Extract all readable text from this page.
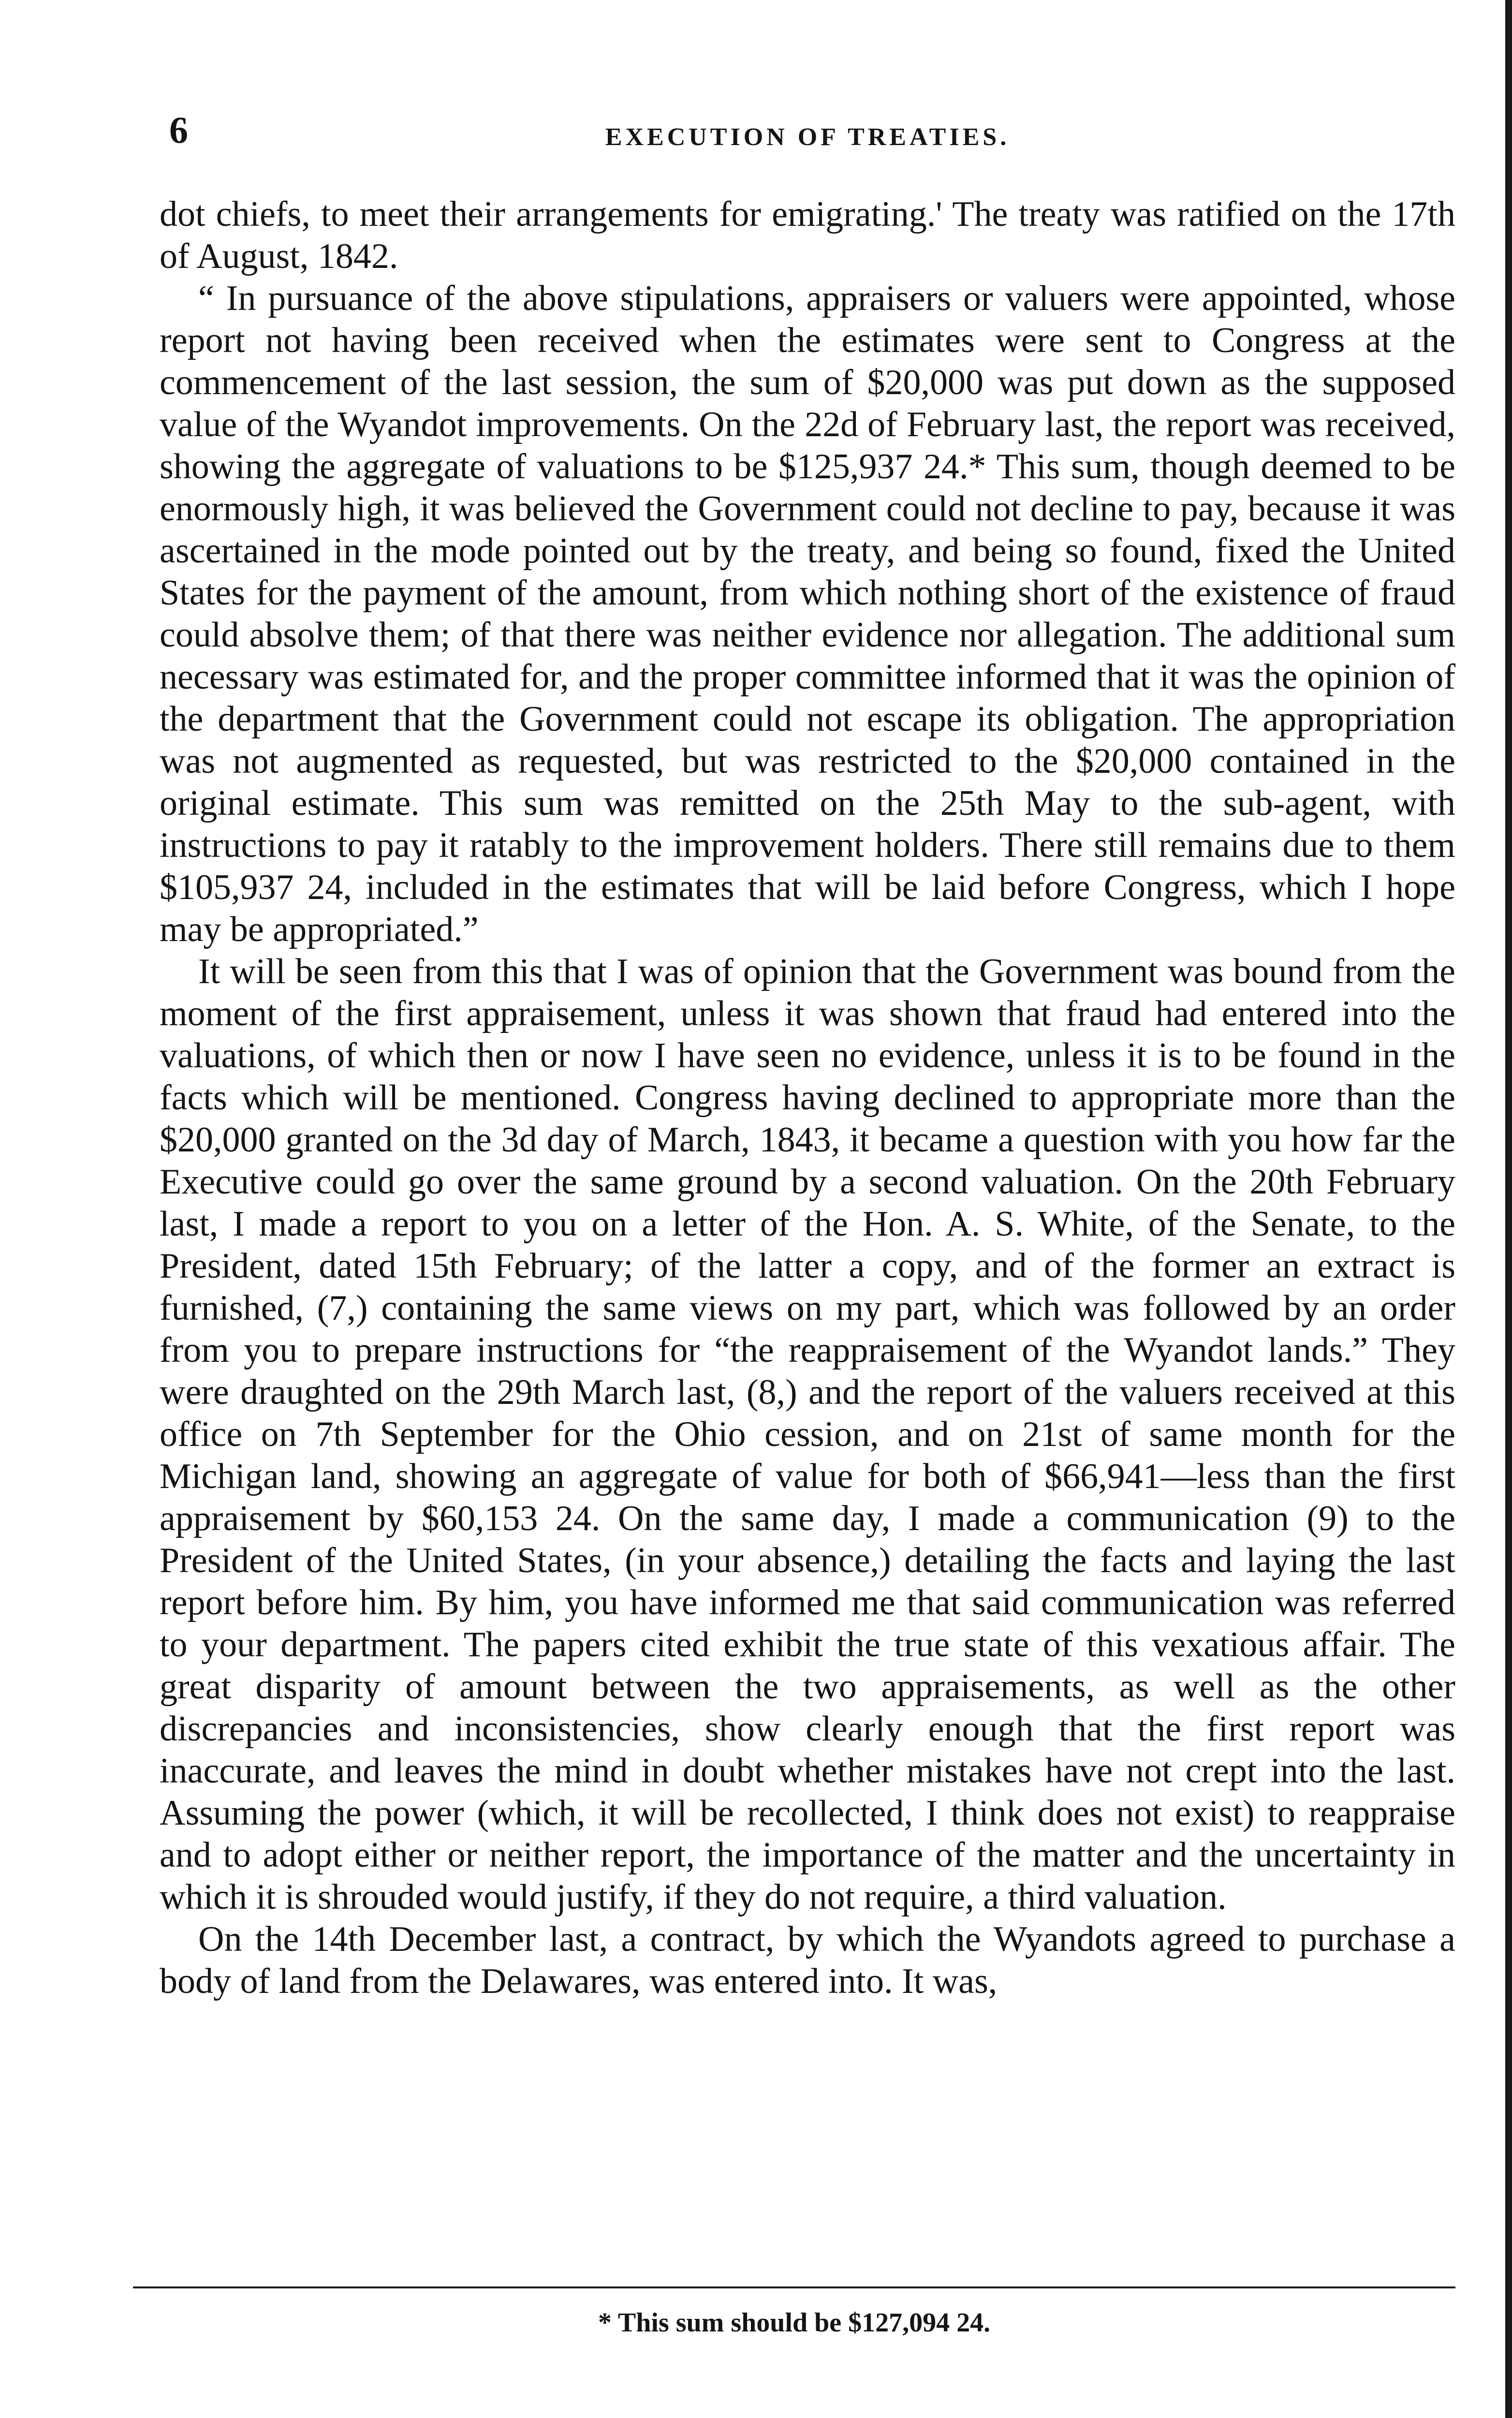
6	EXECUTION OF TREATIES.

dot chiefs, to meet their arrangements for emigrating.' The treaty was ratified on the 17th of August, 1842.

“ In pursuance of the above stipulations, appraisers or valuers were appointed, whose report not having been received when the estimates were sent to Congress at the commencement of the last session, the sum of $20,000 was put down as the supposed value of the Wyandot improvements. On the 22d of February last, the report was received, showing the aggregate of valuations to be $125,937 24.* This sum, though deemed to be enormously high, it was believed the Government could not decline to pay, because it was ascertained in the mode pointed out by the treaty, and being so found, fixed the United States for the payment of the amount, from which nothing short of the existence of fraud could absolve them; of that there was neither evidence nor allegation. The additional sum necessary was estimated for, and the proper committee informed that it was the opinion of the department that the Government could not escape its obligation. The appropriation was not augmented as requested, but was restricted to the $20,000 contained in the original estimate. This sum was remitted on the 25th May to the sub-agent, with instructions to pay it ratably to the improvement holders. There still remains due to them $105,937 24, included in the estimates that will be laid before Congress, which I hope may be appropriated.”

It will be seen from this that I was of opinion that the Government was bound from the moment of the first appraisement, unless it was shown that fraud had entered into the valuations, of which then or now I have seen no evidence, unless it is to be found in the facts which will be mentioned. Congress having declined to appropriate more than the $20,000 granted on the 3d day of March, 1843, it became a question with you how far the Executive could go over the same ground by a second valuation. On the 20th February last, I made a report to you on a letter of the Hon. A. S. White, of the Senate, to the President, dated 15th February; of the latter a copy, and of the former an extract is furnished, (7,) containing the same views on my part, which was followed by an order from you to prepare instructions for “the reappraisement of the Wyandot lands.” They were draughted on the 29th March last, (8,) and the report of the valuers received at this office on 7th September for the Ohio cession, and on 21st of same month for the Michigan land, showing an aggregate of value for both of $66,941—less than the first appraisement by $60,153 24. On the same day, I made a communication (9) to the President of the United States, (in your absence,) detailing the facts and laying the last report before him. By him, you have informed me that said communication was referred to your department. The papers cited exhibit the true state of this vexatious affair. The great disparity of amount between the two appraisements, as well as the other discrepancies and inconsistencies, show clearly enough that the first report was inaccurate, and leaves the mind in doubt whether mistakes have not crept into the last. Assuming the power (which, it will be recollected, I think does not exist) to reappraise and to adopt either or neither report, the importance of the matter and the uncertainty in which it is shrouded would justify, if they do not require, a third valuation.

On the 14th December last, a contract, by which the Wyandots agreed to purchase a body of land from the Delawares, was entered into. It was,

* This sum should be $127,094 24.
